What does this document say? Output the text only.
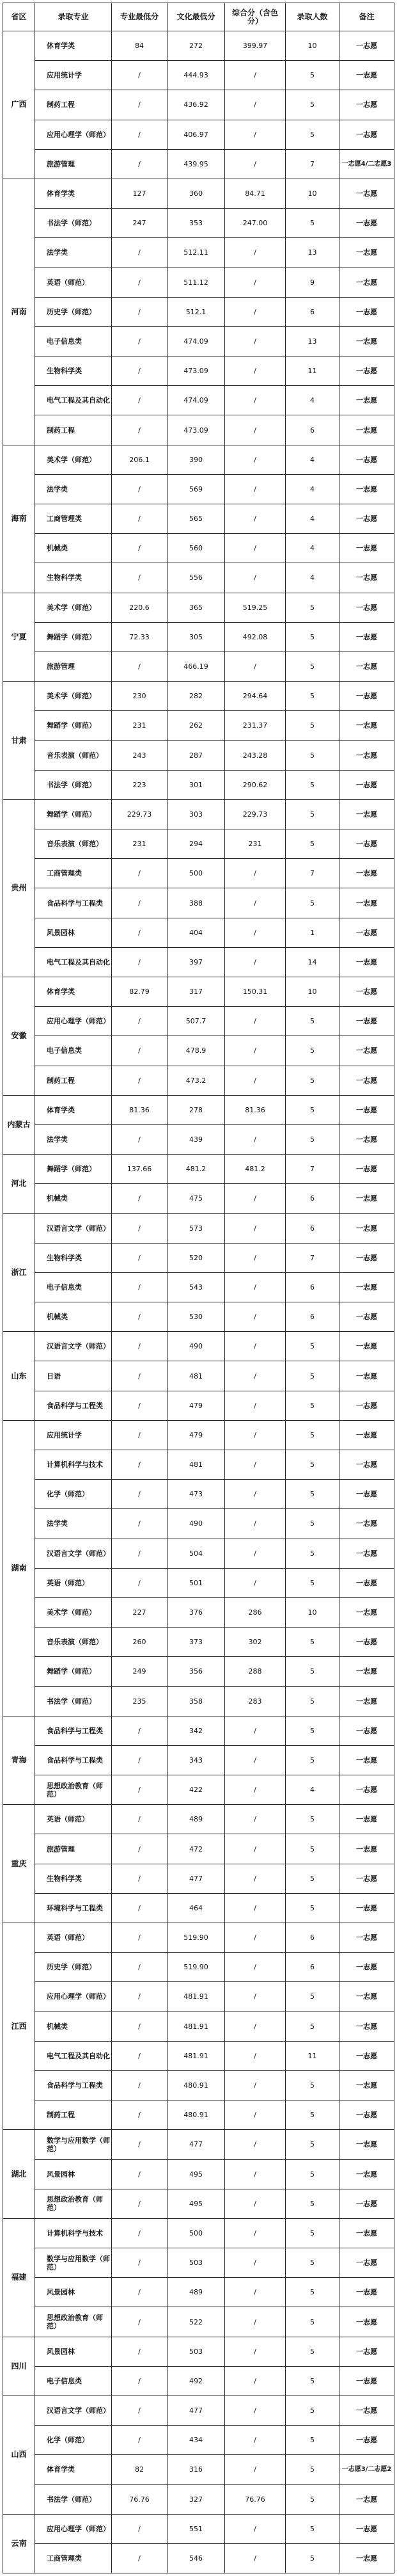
省区	录取专业	专业最低分	文化最低分	综合分（含色分）	录取人数	备注
广西	体育学类	84	272	399.97	10	一志愿
	应用统计学	/	444.93	/	5	一志愿
	制药工程	/	436.92	/	5	一志愿
	应用心理学（师范）	/	406.97	/	5	一志愿
	旅游管理	/	439.95	/	7	一志愿4/二志愿3
河南	体育学类	127	360	84.71	10	一志愿
	书法学（师范）	247	353	247.00	5	一志愿
	法学类	/	512.11	/	13	一志愿
	英语（师范）	/	511.12	/	9	一志愿
	历史学（师范）	/	512.1	/	6	一志愿
	电子信息类	/	474.09	/	13	一志愿
	生物科学类	/	473.09	/	11	一志愿
	电气工程及其自动化	/	474.09	/	4	一志愿
	制药工程	/	473.09	/	6	一志愿
海南	美术学（师范）	206.1	390	/	4	一志愿
	法学类	/	569	/	4	一志愿
	工商管理类	/	565	/	4	一志愿
	机械类	/	560	/	4	一志愿
	生物科学类	/	556	/	4	一志愿
宁夏	美术学（师范）	220.6	365	519.25	5	一志愿
	舞蹈学（师范）	72.33	305	492.08	5	一志愿
	旅游管理	/	466.19	/	5	一志愿
甘肃	美术学（师范）	230	282	294.64	5	一志愿
	舞蹈学（师范）	231	262	231.37	5	一志愿
	音乐表演（师范）	243	287	243.28	5	一志愿
	书法学（师范）	223	301	290.62	5	一志愿
贵州	舞蹈学（师范）	229.73	303	229.73	5	一志愿
	音乐表演（师范）	231	294	231	5	一志愿
	工商管理类	/	500	/	7	一志愿
	食品科学与工程类	/	388	/	5	一志愿
	风景园林	/	404	/	1	一志愿
	电气工程及其自动化	/	397	/	14	一志愿
安徽	体育学类	82.79	317	150.31	10	一志愿
	应用心理学（师范）	/	507.7	/	5	一志愿
	电子信息类	/	478.9	/	5	一志愿
	制药工程	/	473.2	/	5	一志愿
内蒙古	体育学类	81.36	278	81.36	5	一志愿
	法学类	/	439	/	5	一志愿
河北	舞蹈学（师范）	137.66	481.2	481.2	7	一志愿
	机械类	/	475	/	6	一志愿
浙江	汉语言文学（师范）	/	573	/	6	一志愿
	生物科学类	/	520	/	7	一志愿
	电子信息类	/	543	/	6	一志愿
	机械类	/	530	/	6	一志愿
山东	汉语言文学（师范）	/	490	/	5	一志愿
	日语	/	481	/	5	一志愿
	食品科学与工程类	/	479	/	5	一志愿
湖南	应用统计学	/	479	/	5	一志愿
	计算机科学与技术	/	481	/	5	一志愿
	化学（师范）	/	473	/	5	一志愿
	法学类	/	490	/	5	一志愿
	汉语言文学（师范）	/	504	/	5	一志愿
	英语（师范）	/	501	/	5	一志愿
	美术学（师范）	227	376	286	10	一志愿
	音乐表演（师范）	260	373	302	5	一志愿
	舞蹈学（师范）	249	356	288	5	一志愿
	书法学（师范）	235	358	283	5	一志愿
青海	食品科学与工程类	/	342	/	5	一志愿
	食品科学与工程类	/	343	/	5	一志愿
	思想政治教育（师范）	/	422	/	4	一志愿
重庆	英语（师范）	/	489	/	5	一志愿
	旅游管理	/	472	/	5	一志愿
	生物科学类	/	477	/	5	一志愿
	环境科学与工程类	/	464	/	5	一志愿
江西	英语（师范）	/	519.90	/	6	一志愿
	历史学（师范）	/	519.90	/	6	一志愿
	应用心理学（师范）	/	481.91	/	5	一志愿
	机械类	/	481.91	/	5	一志愿
	电气工程及其自动化	/	481.91	/	11	一志愿
	食品科学与工程类	/	480.91	/	5	一志愿
	制药工程	/	480.91	/	5	一志愿
湖北	数学与应用数学（师范）	/	477	/	5	一志愿
	风景园林	/	495	/	5	一志愿
	思想政治教育（师范）	/	495	/	5	一志愿
福建	计算机科学与技术	/	500	/	5	一志愿
	数学与应用数学（师范）	/	503	/	5	一志愿
	风景园林	/	489	/	5	一志愿
	思想政治教育（师范）	/	522	/	5	一志愿
四川	风景园林	/	503	/	5	一志愿
	电子信息类	/	492	/	5	一志愿
山西	汉语言文学（师范）	/	477	/	5	一志愿
	化学（师范）	/	434	/	5	一志愿
	体育学类	82	316	/	5	一志愿3/二志愿2
	书法学（师范）	76.76	327	76.76	5	一志愿
云南	应用心理学（师范）	/	551	/	5	一志愿
	工商管理类	/	546	/	5	一志愿
